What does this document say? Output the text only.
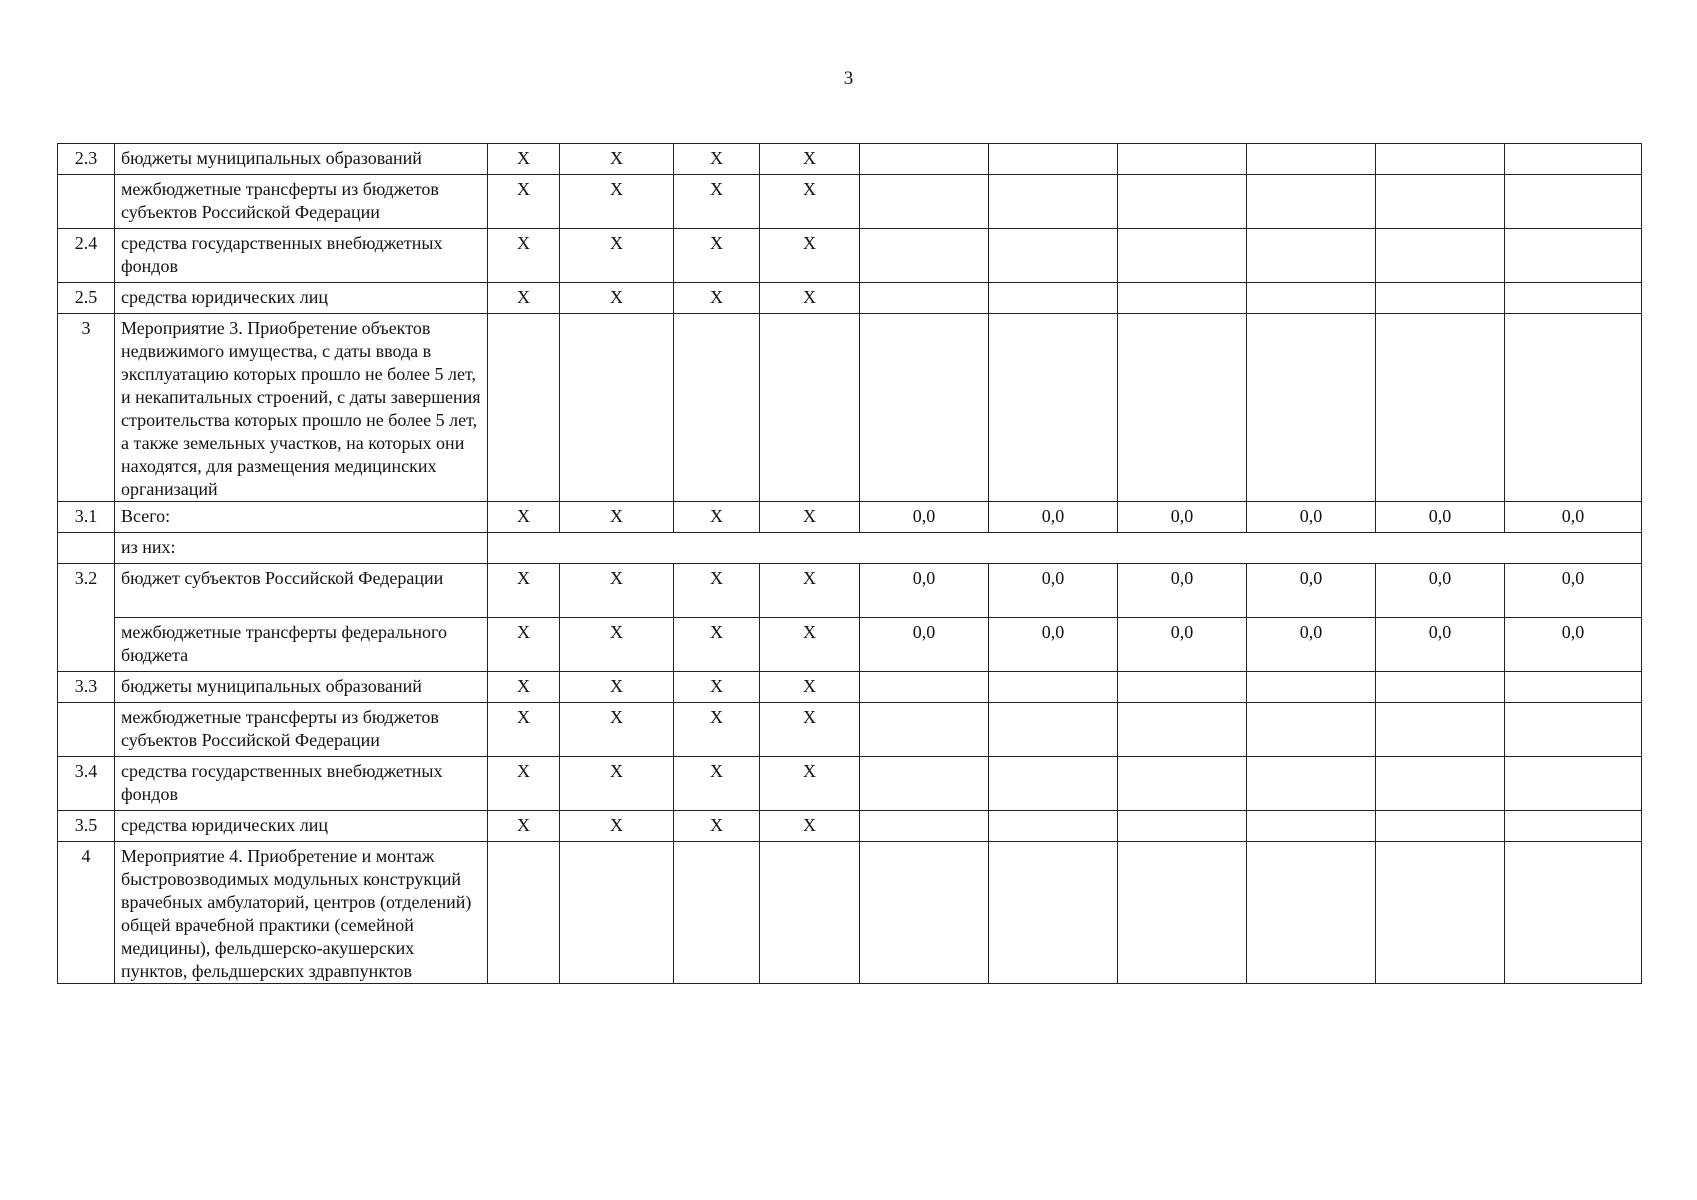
3
2.3	бюджеты муниципальных образований	X	X	X	X						
	межбюджетные трансферты из бюджетов субъектов Российской Федерации	X	X	X	X						
2.4	средства государственных внебюджетных фондов	X	X	X	X						
2.5	средства юридических лиц	X	X	X	X						
3	Мероприятие 3. Приобретение объектов недвижимого имущества, с даты ввода в эксплуатацию которых прошло не более 5 лет, и некапитальных строений, с даты завершения строительства которых прошло не более 5 лет, а также земельных участков, на которых они находятся, для размещения медицинских организаций										
3.1	Всего:	X	X	X	X	0,0	0,0	0,0	0,0	0,0	0,0
	из них:										
3.2	бюджет субъектов Российской Федерации	X	X	X	X	0,0	0,0	0,0	0,0	0,0	0,0
	межбюджетные трансферты федерального бюджета	X	X	X	X	0,0	0,0	0,0	0,0	0,0	0,0
3.3	бюджеты муниципальных образований	X	X	X	X						
	межбюджетные трансферты из бюджетов субъектов Российской Федерации	X	X	X	X						
3.4	средства государственных внебюджетных фондов	X	X	X	X						
3.5	средства юридических лиц	X	X	X	X						
4	Мероприятие 4. Приобретение и монтаж быстровозводимых модульных конструкций врачебных амбулаторий, центров (отделений) общей врачебной практики (семейной медицины), фельдшерско-акушерских пунктов, фельдшерских здравпунктов										
